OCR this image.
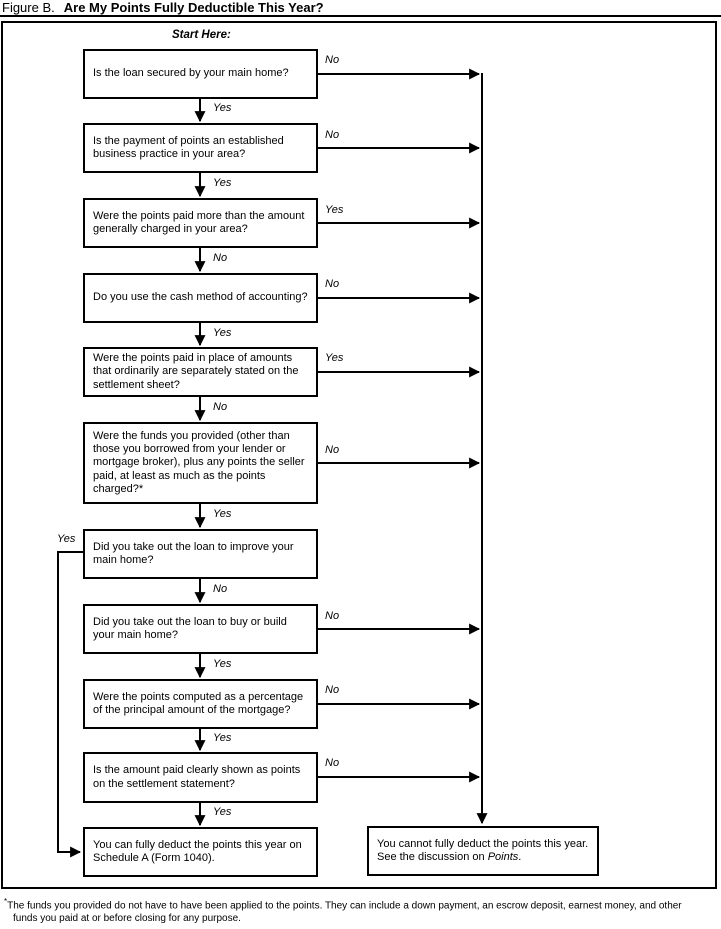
Figure B. Are My Points Fully Deductible This Year?
Start Here:
Is the loan secured by your main home?
Is the payment of points an established business practice in your area?
Were the points paid more than the amount generally charged in your area?
Do you use the cash method of accounting?
Were the points paid in place of amounts that ordinarily are separately stated on the settlement sheet?
Were the funds you provided (other than those you borrowed from your lender or mortgage broker), plus any points the seller paid, at least as much as the points charged?*
Did you take out the loan to improve your main home?
Did you take out the loan to buy or build your main home?
Were the points computed as a percentage of the principal amount of the mortgage?
Is the amount paid clearly shown as points on the settlement statement?
You can fully deduct the points this year on Schedule A (Form 1040).
You cannot fully deduct the points this year. See the discussion on Points.
No
No
Yes
No
Yes
No
Yes
No
No
No
Yes
Yes
No
Yes
No
Yes
No
Yes
Yes
Yes
*The funds you provided do not have to have been applied to the points. They can include a down payment, an escrow deposit, earnest money, and other funds you paid at or before closing for any purpose.
